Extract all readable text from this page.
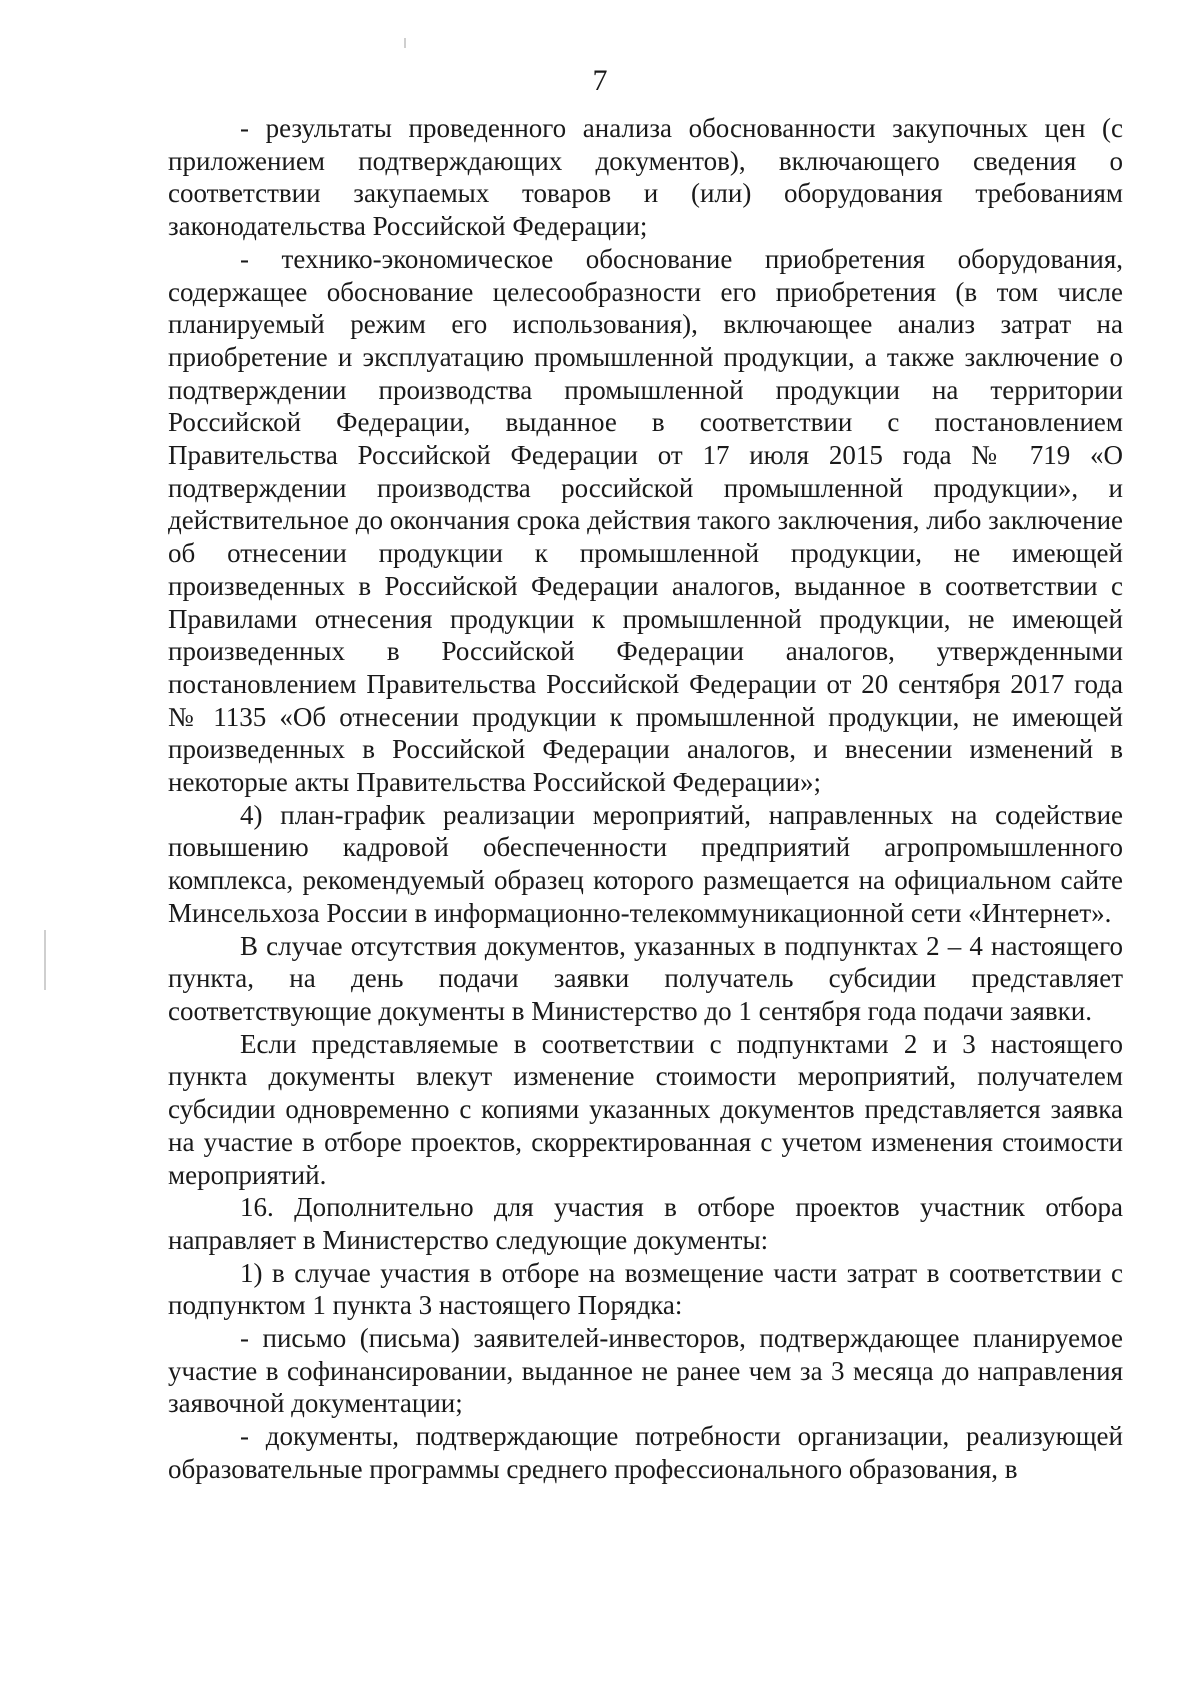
7

- результаты проведенного анализа обоснованности закупочных цен (с приложением подтверждающих документов), включающего сведения о соответствии закупаемых товаров и (или) оборудования требованиям законодательства Российской Федерации;

- технико-экономическое обоснование приобретения оборудования, содержащее обоснование целесообразности его приобретения (в том числе планируемый режим его использования), включающее анализ затрат на приобретение и эксплуатацию промышленной продукции, а также заключение о подтверждении производства промышленной продукции на территории Российской Федерации, выданное в соответствии с постановлением Правительства Российской Федерации от 17 июля 2015 года № 719 «О подтверждении производства российской промышленной продукции», и действительное до окончания срока действия такого заключения, либо заключение об отнесении продукции к промышленной продукции, не имеющей произведенных в Российской Федерации аналогов, выданное в соответствии с Правилами отнесения продукции к промышленной продукции, не имеющей произведенных в Российской Федерации аналогов, утвержденными постановлением Правительства Российской Федерации от 20 сентября 2017 года № 1135 «Об отнесении продукции к промышленной продукции, не имеющей произведенных в Российской Федерации аналогов, и внесении изменений в некоторые акты Правительства Российской Федерации»;

4) план-график реализации мероприятий, направленных на содействие повышению кадровой обеспеченности предприятий агропромышленного комплекса, рекомендуемый образец которого размещается на официальном сайте Минсельхоза России в информационно-телекоммуникационной сети «Интернет».

В случае отсутствия документов, указанных в подпунктах 2 – 4 настоящего пункта, на день подачи заявки получатель субсидии представляет соответствующие документы в Министерство до 1 сентября года подачи заявки.

Если представляемые в соответствии с подпунктами 2 и 3 настоящего пункта документы влекут изменение стоимости мероприятий, получателем субсидии одновременно с копиями указанных документов представляется заявка на участие в отборе проектов, скорректированная с учетом изменения стоимости мероприятий.

16. Дополнительно для участия в отборе проектов участник отбора направляет в Министерство следующие документы:

1) в случае участия в отборе на возмещение части затрат в соответствии с подпунктом 1 пункта 3 настоящего Порядка:

- письмо (письма) заявителей-инвесторов, подтверждающее планируемое участие в софинансировании, выданное не ранее чем за 3 месяца до направления заявочной документации;

- документы, подтверждающие потребности организации, реализующей образовательные программы среднего профессионального образования, в
